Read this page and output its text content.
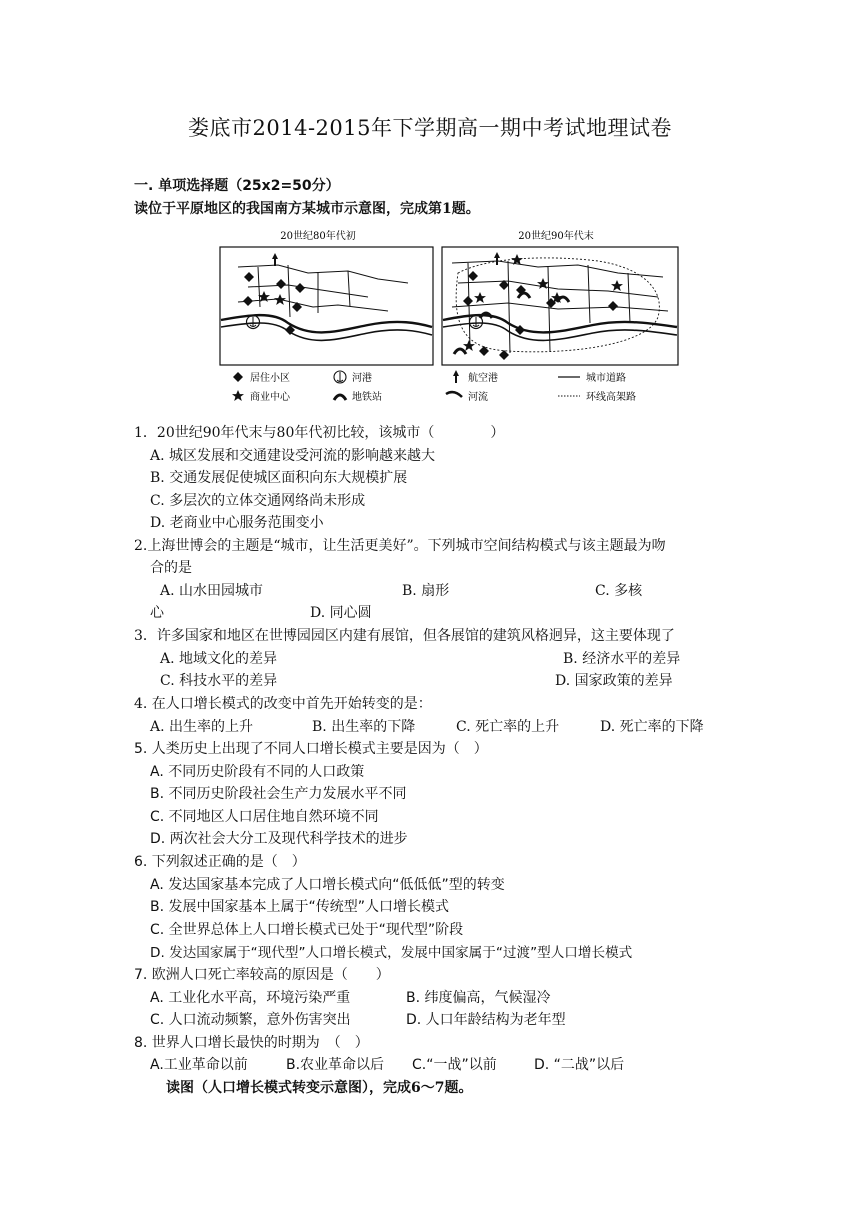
娄底市2014-2015年下学期高一期中考试地理试卷
一. 单项选择题（25x2=50分）
读位于平原地区的我国南方某城市示意图，完成第1题。
20世纪80年代初	20世纪90年代末
居住小区	河港	航空港	城市道路
商业中心	地铁站	河流	环线高架路
1．20世纪90年代末与80年代初比较，该城市（　　　　）
A. 城区发展和交通建设受河流的影响越来越大
B. 交通发展促使城区面积向东大规模扩展
C. 多层次的立体交通网络尚未形成
D. 老商业中心服务范围变小
2.上海世博会的主题是“城市，让生活更美好”。下列城市空间结构模式与该主题最为吻
合的是
A. 山水田园城市	B. 扇形	C. 多核
心	D. 同心圆
3．许多国家和地区在世博园园区内建有展馆，但各展馆的建筑风格迥异，这主要体现了
A. 地域文化的差异	B. 经济水平的差异
C. 科技水平的差异	D. 国家政策的差异
4. 在人口增长模式的改变中首先开始转变的是：
A. 出生率的上升	B. 出生率的下降	C. 死亡率的上升	D. 死亡率的下降
5. 人类历史上出现了不同人口增长模式主要是因为（　）
A. 不同历史阶段有不同的人口政策
B. 不同历史阶段社会生产力发展水平不同
C. 不同地区人口居住地自然环境不同
D. 两次社会大分工及现代科学技术的进步
6. 下列叙述正确的是（　）
A. 发达国家基本完成了人口增长模式向“低低低”型的转变
B. 发展中国家基本上属于“传统型”人口增长模式
C. 全世界总体上人口增长模式已处于“现代型”阶段
D. 发达国家属于“现代型”人口增长模式，发展中国家属于“过渡”型人口增长模式
7. 欧洲人口死亡率较高的原因是（　　）
A. 工业化水平高，环境污染严重	B. 纬度偏高，气候湿冷
C. 人口流动频繁，意外伤害突出	D. 人口年龄结构为老年型
8. 世界人口增长最快的时期为　（　）
A.工业革命以前	B.农业革命以后 C.“一战”以前	D. “二战”以后
读图（人口增长模式转变示意图），完成6～7题。
